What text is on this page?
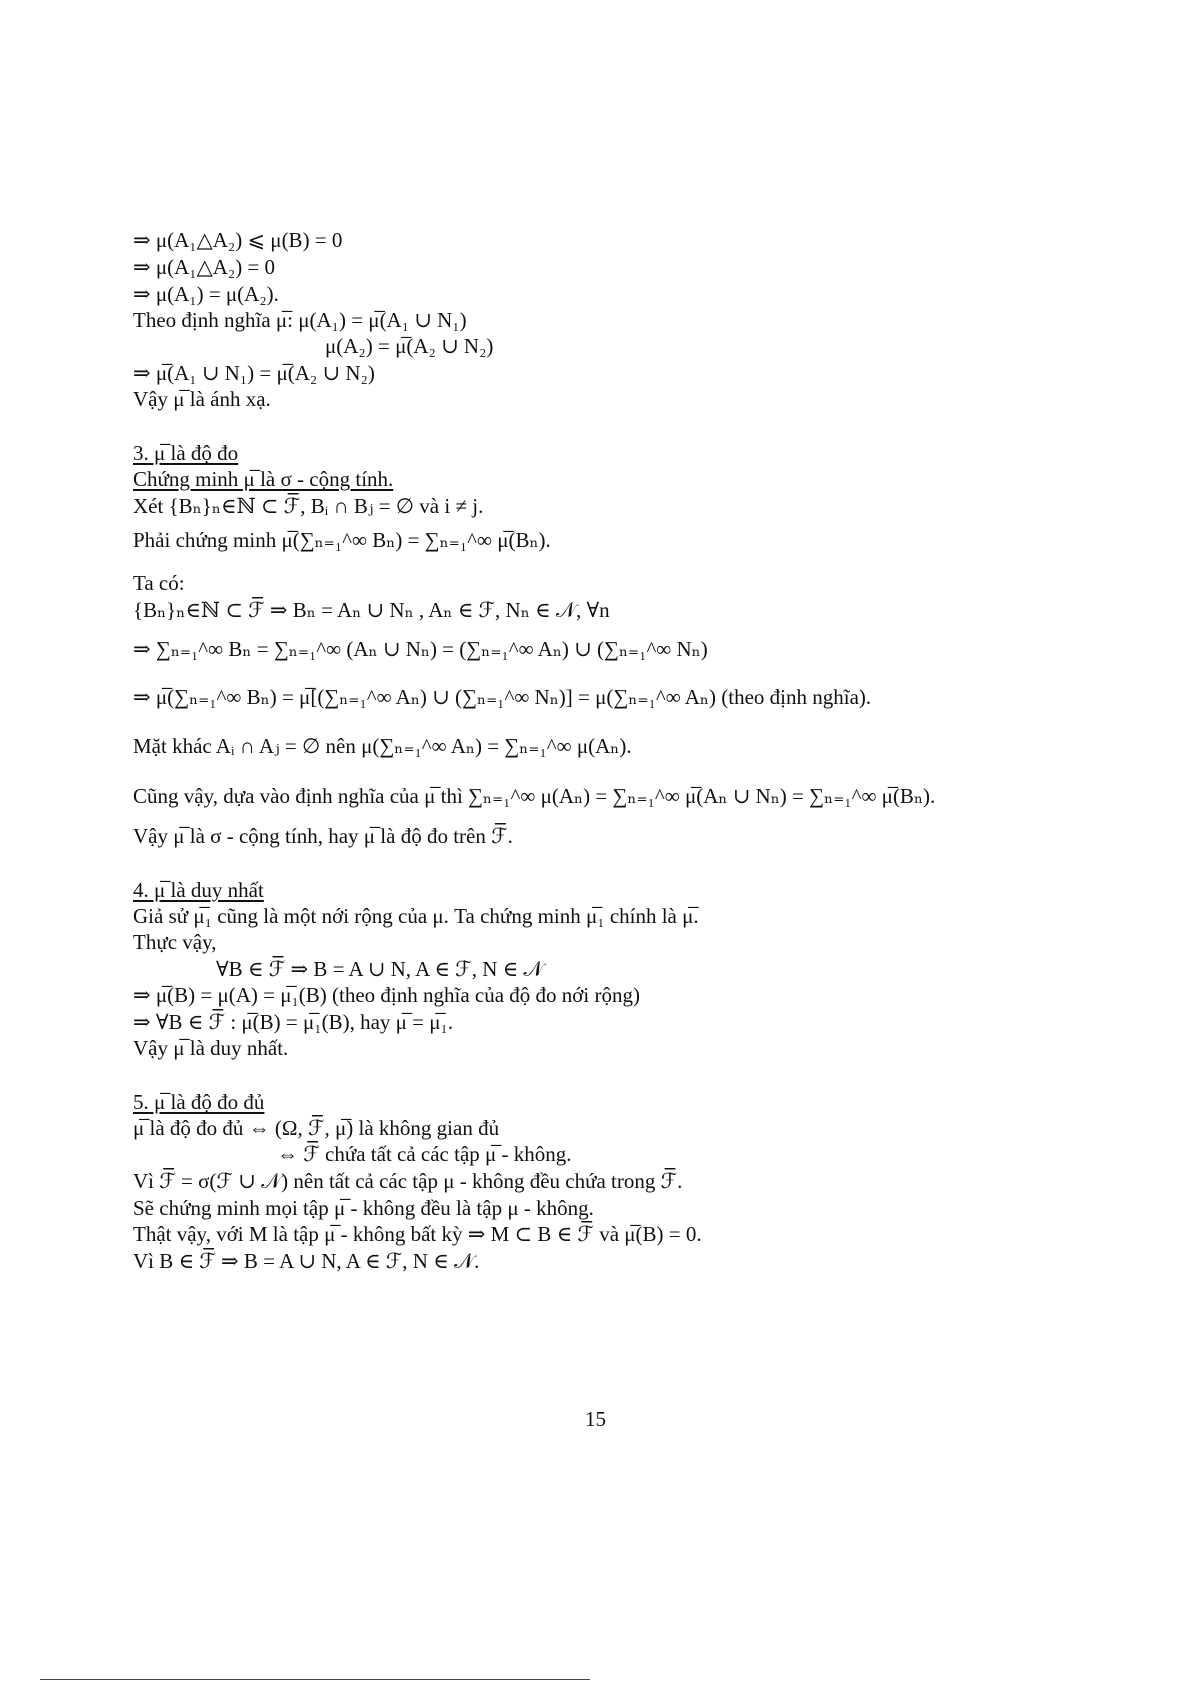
⇒ μ(A₁△A₂) ⩽ μ(B) = 0
⇒ μ(A₁△A₂) = 0
⇒ μ(A₁) = μ(A₂).
Theo định nghĩa μ̅: μ(A₁) = μ̅(A₁ ∪ N₁)
μ(A₂) = μ̅(A₂ ∪ N₂)
⇒ μ̅(A₁ ∪ N₁) = μ̅(A₂ ∪ N₂)
Vậy μ̅ là ánh xạ.
3. μ̅ là độ đo
Chứng minh μ̅ là σ - cộng tính.
Xét {Bₙ}ₙ∈ℕ ⊂ ℱ̅, Bᵢ ∩ Bⱼ = ∅ và i ≠ j.
Phải chứng minh μ̅(∑ₙ₌₁^∞ Bₙ) = ∑ₙ₌₁^∞ μ̅(Bₙ).
Ta có:
{Bₙ}ₙ∈ℕ ⊂ ℱ̅ ⇒ Bₙ = Aₙ ∪ Nₙ , Aₙ ∈ ℱ, Nₙ ∈ 𝒩, ∀n
⇒ ∑ₙ₌₁^∞ Bₙ = ∑ₙ₌₁^∞ (Aₙ ∪ Nₙ) = (∑ₙ₌₁^∞ Aₙ) ∪ (∑ₙ₌₁^∞ Nₙ)
⇒ μ̅(∑ₙ₌₁^∞ Bₙ) = μ̅[(∑ₙ₌₁^∞ Aₙ) ∪ (∑ₙ₌₁^∞ Nₙ)] = μ(∑ₙ₌₁^∞ Aₙ) (theo định nghĩa).
Mặt khác Aᵢ ∩ Aⱼ = ∅ nên μ(∑ₙ₌₁^∞ Aₙ) = ∑ₙ₌₁^∞ μ(Aₙ).
Cũng vậy, dựa vào định nghĩa của μ̅ thì ∑ₙ₌₁^∞ μ(Aₙ) = ∑ₙ₌₁^∞ μ̅(Aₙ ∪ Nₙ) = ∑ₙ₌₁^∞ μ̅(Bₙ).
Vậy μ̅ là σ - cộng tính, hay μ̅ là độ đo trên ℱ̅.
4. μ̅ là duy nhất
Giả sử μ̅₁ cũng là một nới rộng của μ. Ta chứng minh μ̅₁ chính là μ̅.
Thực vậy,
∀B ∈ ℱ̅ ⇒ B = A ∪ N, A ∈ ℱ, N ∈ 𝒩
⇒ μ̅(B) = μ(A) = μ̅₁(B) (theo định nghĩa của độ đo nới rộng)
⇒ ∀B ∈ ℱ̅ : μ̅(B) = μ̅₁(B), hay μ̅ = μ̅₁.
Vậy μ̅ là duy nhất.
5. μ̅ là độ đo đủ
μ̅ là độ đo đủ ⇔ (Ω, ℱ̅, μ̅) là không gian đủ
⇔ ℱ̅ chứa tất cả các tập μ̅ - không.
Vì ℱ̅ = σ(ℱ ∪ 𝒩) nên tất cả các tập μ - không đều chứa trong ℱ̅.
Sẽ chứng minh mọi tập μ̅ - không đều là tập μ - không.
Thật vậy, với M là tập μ̅ - không bất kỳ ⇒ M ⊂ B ∈ ℱ̅ và μ̅(B) = 0.
Vì B ∈ ℱ̅ ⇒ B = A ∪ N, A ∈ ℱ, N ∈ 𝒩.
15
